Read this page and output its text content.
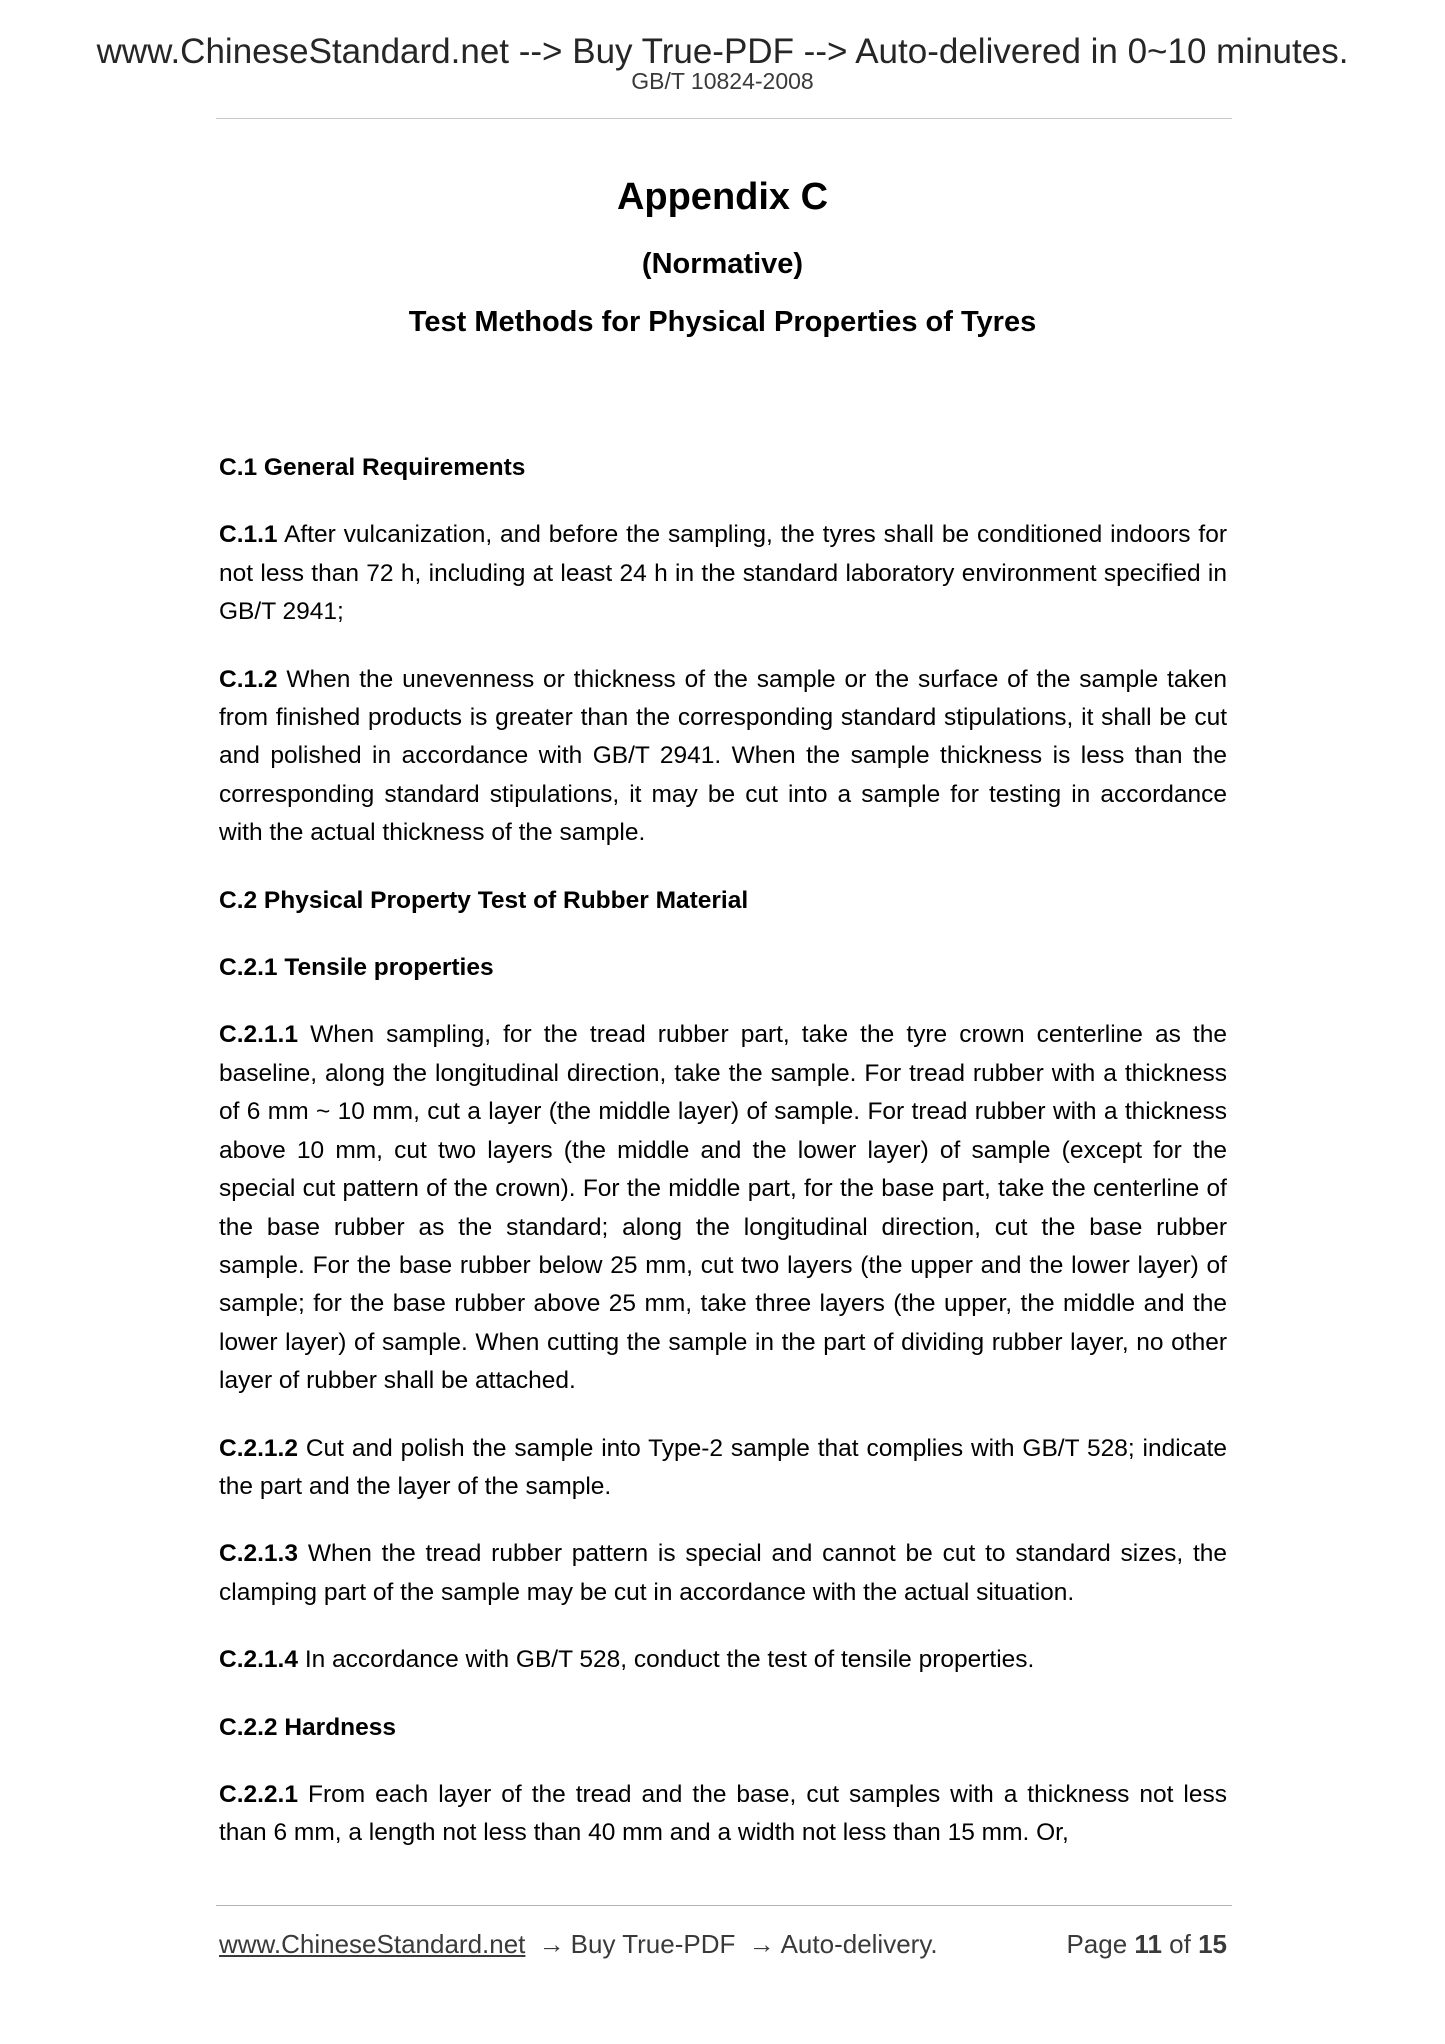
www.ChineseStandard.net --> Buy True-PDF --> Auto-delivered in 0~10 minutes.
GB/T 10824-2008
Appendix C
(Normative)
Test Methods for Physical Properties of Tyres

C.1 General Requirements

C.1.1 After vulcanization, and before the sampling, the tyres shall be conditioned indoors for not less than 72 h, including at least 24 h in the standard laboratory environment specified in GB/T 2941;

C.1.2 When the unevenness or thickness of the sample or the surface of the sample taken from finished products is greater than the corresponding standard stipulations, it shall be cut and polished in accordance with GB/T 2941. When the sample thickness is less than the corresponding standard stipulations, it may be cut into a sample for testing in accordance with the actual thickness of the sample.

C.2 Physical Property Test of Rubber Material

C.2.1 Tensile properties

C.2.1.1 When sampling, for the tread rubber part, take the tyre crown centerline as the baseline, along the longitudinal direction, take the sample. For tread rubber with a thickness of 6 mm ~ 10 mm, cut a layer (the middle layer) of sample. For tread rubber with a thickness above 10 mm, cut two layers (the middle and the lower layer) of sample (except for the special cut pattern of the crown). For the middle part, for the base part, take the centerline of the base rubber as the standard; along the longitudinal direction, cut the base rubber sample. For the base rubber below 25 mm, cut two layers (the upper and the lower layer) of sample; for the base rubber above 25 mm, take three layers (the upper, the middle and the lower layer) of sample. When cutting the sample in the part of dividing rubber layer, no other layer of rubber shall be attached.

C.2.1.2 Cut and polish the sample into Type-2 sample that complies with GB/T 528; indicate the part and the layer of the sample.

C.2.1.3 When the tread rubber pattern is special and cannot be cut to standard sizes, the clamping part of the sample may be cut in accordance with the actual situation.

C.2.1.4 In accordance with GB/T 528, conduct the test of tensile properties.

C.2.2 Hardness

C.2.2.1 From each layer of the tread and the base, cut samples with a thickness not less than 6 mm, a length not less than 40 mm and a width not less than 15 mm. Or,

www.ChineseStandard.net → Buy True-PDF → Auto-delivery.	Page 11 of 15
